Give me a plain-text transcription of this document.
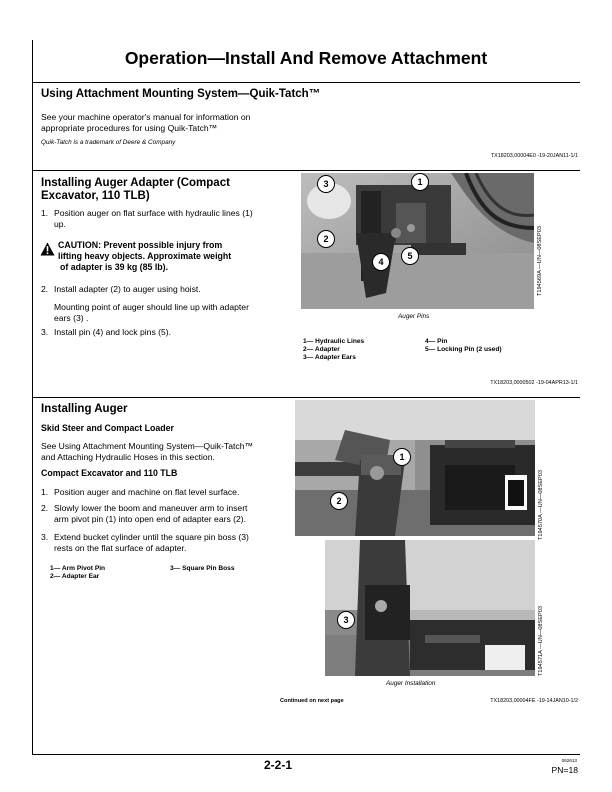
Operation—Install And Remove Attachment
Using Attachment Mounting System—Quik-Tatch™
See your machine operator's manual for information on
appropriate procedures for using Quik-Tatch™
Quik-Tatch is a trademark of Deere & Company
TX18203,00004E0 -19-20JAN11-1/1
Installing Auger Adapter (Compact
Excavator, 110 TLB)
1. Position auger on flat surface with hydraulic lines (1)
up.
CAUTION: Prevent possible injury from
lifting heavy objects. Approximate weight
of adapter is 39 kg (85 lb).
2. Install adapter (2) to auger using hoist.
Mounting point of auger should line up with adapter
ears (3) .
3. Install pin (4) and lock pins (5).
3	1
2
4
5	T194569A —UN—08SEP03
Auger Pins
1— Hydraulic Lines
2— Adapter
3— Adapter Ears
4— Pin
5— Locking Pin (2 used)
TX18203,0000502 -19-04APR13-1/1
Installing Auger
Skid Steer and Compact Loader
See Using Attachment Mounting System—Quik-Tatch™
and Attaching Hydraulic Hoses in this section.
Compact Excavator and 110 TLB
1. Position auger and machine on flat level surface.
2. Slowly lower the boom and maneuver arm to insert
arm pivot pin (1) into open end of adapter ears (2).
3. Extend bucket cylinder until the square pin boss (3)
rests on the flat surface of adapter.
1— Arm Pivot Pin
2— Adapter Ear
3— Square Pin Boss
1
2	T194570A —UN—08SEP03
3	T194571A —UN—08SEP03
Auger Installation
Continued on next page	TX18203,00004FE -19-14JAN10-1/2
2-2-1	062613
PN=18
